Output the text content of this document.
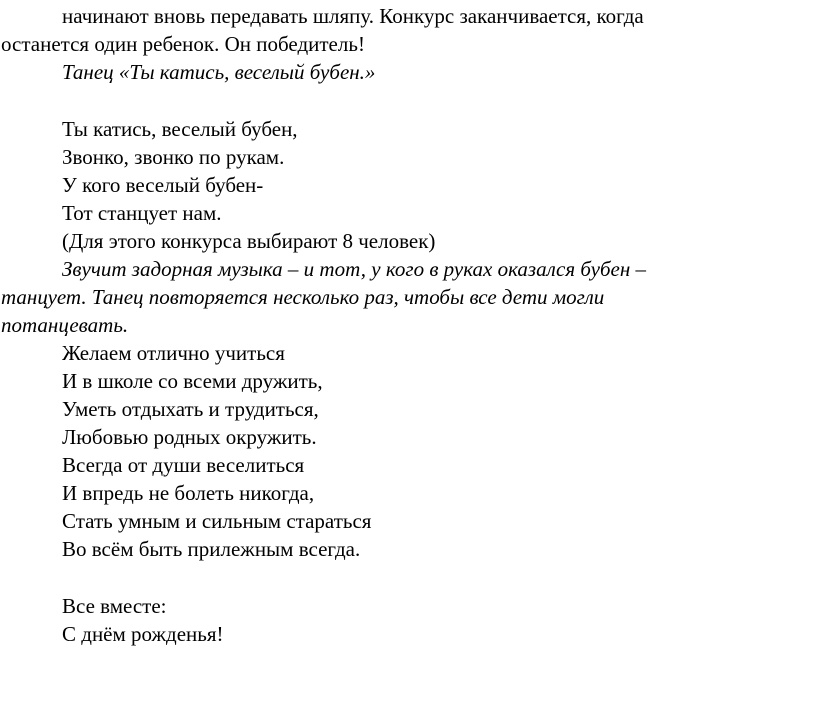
начинают вновь передавать шляпу. Конкурс заканчивается, когда
останется один ребенок. Он победитель!
Танец «Ты катись, веселый бубен.»
Ты катись, веселый бубен,
Звонко, звонко по рукам.
У кого веселый бубен-
Тот станцует нам.
(Для этого конкурса выбирают 8 человек)
Звучит задорная музыка – и тот, у кого в руках оказался бубен –
танцует. Танец повторяется несколько раз, чтобы все дети могли
потанцевать.
Желаем отлично учиться
И в школе со всеми дружить,
Уметь отдыхать и трудиться,
Любовью родных окружить.
Всегда от души веселиться
И впредь не болеть никогда,
Стать умным и сильным стараться
Во всём быть прилежным всегда.
Все вместе:
С днём рожденья!
